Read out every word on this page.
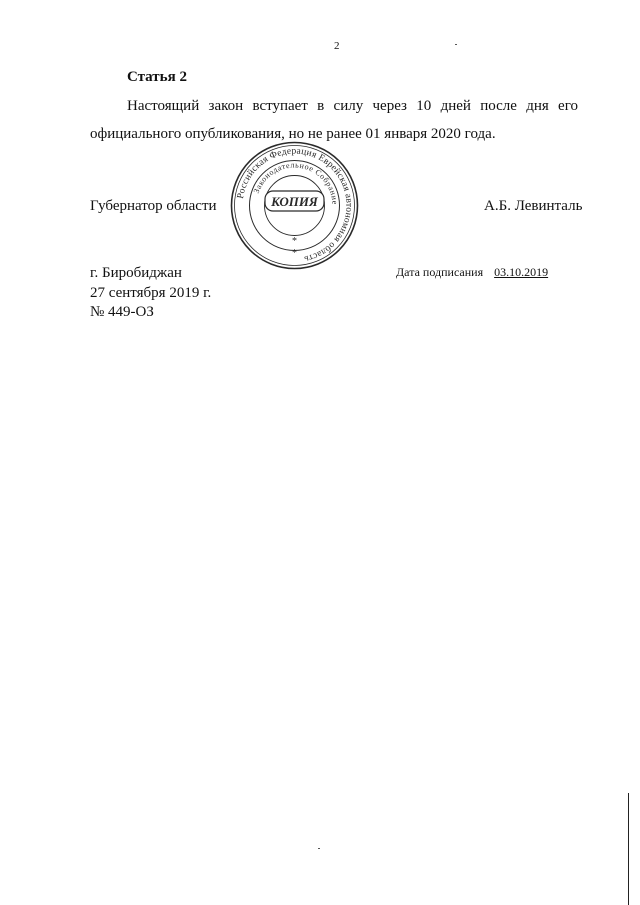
2
Статья 2
Настоящий закон вступает в силу через 10 дней после дня его
официального опубликования, но не ранее 01 января 2020 года.
Губернатор области	А.Б. Левинталь
Российская Федерация Еврейская автономная область
Законодательное Собрание
КОПИЯ
*
*
г. Биробиджан
27 сентября 2019 г.
№ 449-ОЗ
Дата подписания 03.10.2019
